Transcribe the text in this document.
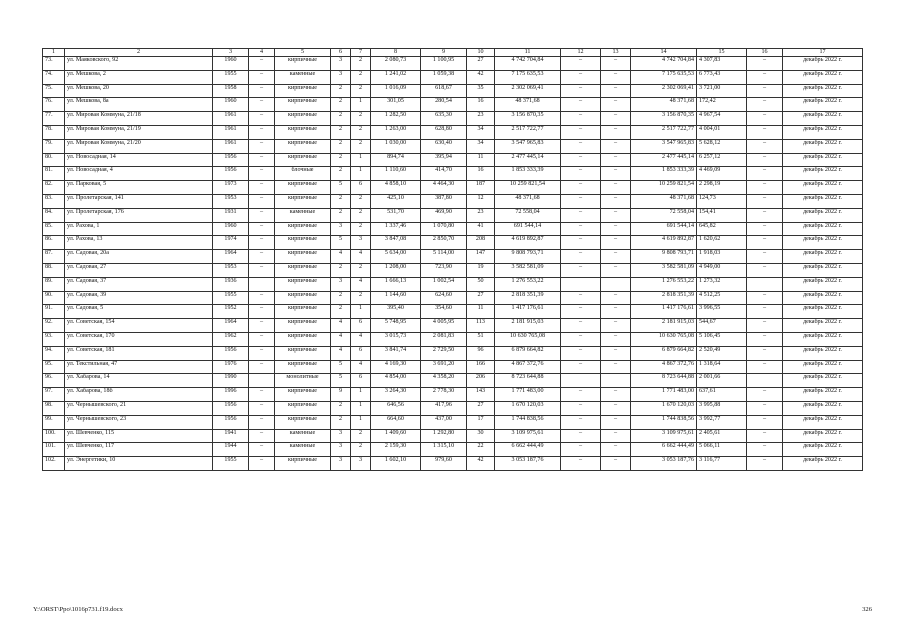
1	2	3	4	5	6	7	8	9	10	11	12	13	14	15	16	17
73.	ул. Маяковского, 92	1960	–	кирпичные	3	2	2 080,73	1 100,95	27	4 742 704,84	–	–	4 742 704,84	4 307,83	–	декабрь 2022 г.
74.	ул. Мешкова, 2	1955	–	каменные	3	2	1 241,02	1 059,38	42	7 175 635,53	–	–	7 175 635,53	6 773,43	–	декабрь 2022 г.
75.	ул. Мешкова, 20	1958	–	кирпичные	2	2	1 016,09	618,67	35	2 302 069,41	–	–	2 302 069,41	3 721,00	–	декабрь 2022 г.
76.	ул. Мешкова, 8а	1960	–	кирпичные	2	1	301,05	280,54	16	48 371,68	–	–	48 371,68	172,42	–	декабрь 2022 г.
77.	ул. Мировая Коммуна, 21/18	1961	–	кирпичные	2	2	1 282,50	635,30	23	3 156 870,35	–	–	3 156 870,35	4 967,54	–	декабрь 2022 г.
78.	ул. Мировая Коммуна, 21/19	1961	–	кирпичные	2	2	1 263,00	628,80	34	2 517 722,77	–	–	2 517 722,77	4 004,01	–	декабрь 2022 г.
79.	ул. Мировая Коммуна, 21/20	1961	–	кирпичные	2	2	1 030,00	630,40	34	3 547 965,83	–	–	3 547 965,83	5 628,12	–	декабрь 2022 г.
80.	ул. Новосадная, 14	1956	–	кирпичные	2	1	894,74	395,94	11	2 477 445,14	–	–	2 477 445,14	6 257,12	–	декабрь 2022 г.
81.	ул. Новосадная, 4	1956	–	блочные	2	1	1 110,60	414,70	16	1 853 333,39	–	–	1 853 333,39	4 469,09	–	декабрь 2022 г.
82.	ул. Парковая, 5	1973	–	кирпичные	5	6	4 858,10	4 464,30	187	10 259 821,54	–	–	10 259 821,54	2 298,19	–	декабрь 2022 г.
83.	ул. Пролетарская, 141	1953	–	кирпичные	2	2	425,10	387,80	12	48 371,68	–	–	48 371,68	124,73	–	декабрь 2022 г.
84.	ул. Пролетарская, 176	1931	–	каменные	2	2	531,70	469,90	23	72 558,04	–	–	72 558,04	154,41	–	декабрь 2022 г.
85.	ул. Рахова, 1	1960	–	кирпичные	3	2	1 337,46	1 070,80	41	691 544,14	–	–	691 544,14	645,82	–	декабрь 2022 г.
86.	ул. Рахова, 13	1974	–	кирпичные	5	3	3 847,08	2 850,70	208	4 619 892,87	–	–	4 619 892,87	1 620,62	–	декабрь 2022 г.
87.	ул. Садовая, 20а	1964	–	кирпичные	4	4	5 634,00	5 114,00	147	9 808 793,71	–	–	9 808 793,71	1 918,03	–	декабрь 2022 г.
88.	ул. Садовая, 27	1953	–	кирпичные	2	2	1 208,00	723,90	19	3 582 581,09	–	–	3 582 581,09	4 949,00	–	декабрь 2022 г.
89.	ул. Садовая, 37	1936		кирпичные	3	4	1 666,13	1 002,54	50	1 276 553,22			1 276 553,22	1 273,32		декабрь 2022 г.
90.	ул. Садовая, 39	1955	–	кирпичные	2	2	1 144,60	624,60	27	2 818 351,39	–	–	2 818 351,39	4 512,25	–	декабрь 2022 г.
91.	ул. Садовая, 5	1952	–	кирпичные	2	1	395,40	354,60	11	1 417 176,61	–	–	1 417 176,61	3 996,55	–	декабрь 2022 г.
92.	ул. Советская, 154	1964	–	кирпичные	4	6	5 748,95	4 005,95	113	2 181 915,03	–	–	2 181 915,03	544,67	–	декабрь 2022 г.
93.	ул. Советская, 170	1962	–	кирпичные	4	4	3 015,73	2 081,83	51	10 630 765,08	–	–	10 630 765,08	5 106,45	–	декабрь 2022 г.
94.	ул. Советская, 181	1956	–	кирпичные	4	6	3 841,74	2 729,50	96	6 879 664,82	–	–	6 879 664,82	2 520,49	–	декабрь 2022 г.
95.	ул. Текстильная, 47	1976	–	кирпичные	5	4	4 169,30	3 691,20	166	4 867 372,76	–	–	4 867 372,76	1 318,64	–	декабрь 2022 г.
96.	ул. Хабарова, 14	1990		монолитные	5	6	4 854,00	4 358,20	206	8 723 644,88			8 723 644,88	2 001,66		декабрь 2022 г.
97.	ул. Хабарова, 18б	1996	–	кирпичные	9	1	3 264,30	2 778,30	143	1 771 483,00	–	–	1 771 483,00	637,61	–	декабрь 2022 г.
98.	ул. Чернышевского, 21	1956	–	кирпичные	2	1	646,56	417,96	27	1 670 120,03	–	–	1 670 120,03	3 995,88	–	декабрь 2022 г.
99.	ул. Чернышевского, 23	1956	–	кирпичные	2	1	664,60	437,00	17	1 744 838,56	–	–	1 744 838,56	3 992,77	–	декабрь 2022 г.
100.	ул. Шевченко, 115	1941	–	каменные	3	2	1 409,60	1 292,80	30	3 109 975,61	–	–	3 109 975,61	2 405,61	–	декабрь 2022 г.
101.	ул. Шевченко, 117	1944	–	каменные	3	2	2 159,30	1 315,10	22	6 662 444,49	–	–	6 662 444,49	5 066,11	–	декабрь 2022 г.
102.	ул. Энергетики, 10	1955	–	кирпичные	3	3	1 602,10	979,60	42	3 053 187,76	–	–	3 053 187,76	3 116,77	–	декабрь 2022 г.
Y:\ORST\Ppo\1016p731.f19.docx	326
